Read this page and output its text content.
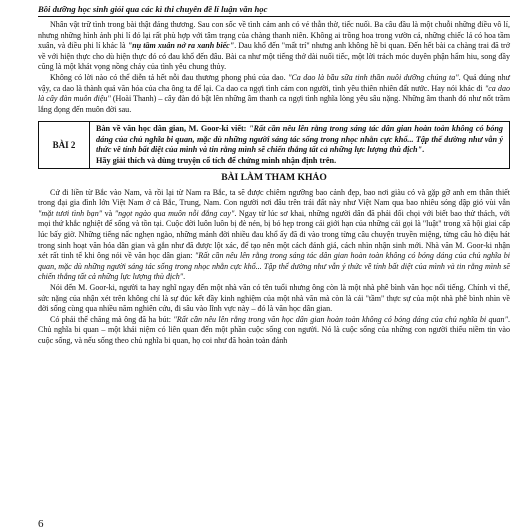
Bồi dưỡng học sinh giỏi qua các kì thi chuyên đề lí luận văn học

Nhân vật trữ tình trong bài thật đáng thương. Sau con sốc về tình cảm anh có vẻ thẫn thờ, tiếc nuối. Ba câu đầu là một chuỗi những điều vô lí, nhưng những hình ảnh phi lí đó lại rất phù hợp với tâm trạng của chàng thanh niên. Không ai trồng hoa trong vườn cả, những chiếc lá có hoa tầm xuân, và điều phi lí khác là "nụ tầm xuân nở ra xanh biếc". Dau khổ đến "mất trí" nhưng anh không hề bi quan. Đến hết bài ca chàng trai đã trở về với hiện thực cho dù hiện thực đó có đau khổ đến đâu. Bài ca như một tiếng thở dài nuối tiếc, một lời trách móc duyên phận hẩm hiu, song đầy cũng là một khát vọng nồng cháy của tình yêu chung thủy.

Không có lời nào có thể diễn tả hết nỗi đau thương phong phú của dao. "Ca dao là bầu sữa tinh thần nuôi dưỡng chúng ta". Quả đúng như vậy, ca dao là thành quả văn hóa của cha ông ta để lại. Ca dao ca ngợi tình cảm con người, tình yêu thiên nhiên đất nước. Hay nói khác đi "ca dao là cây đàn muôn điệu" (Hoài Thanh) – cây đàn đó bật lên những âm thanh ca ngợi tình nghĩa lòng yêu sâu nặng. Những âm thanh đó như nốt trầm lắng đọng đến muôn đời sau.

BÀI 2

Bàn về văn học dân gian, M. Goor-ki viết: "Rất cần nêu lên rằng trong sáng tác dân gian hoàn toàn không có bóng dáng của chủ nghĩa bi quan, mặc dù những người sáng tác sống trong nhọc nhằn cực khổ... Tập thể dường như vẫn ý thức về tính bất diệt của mình và tin rằng mình sẽ chiến thắng tất cả những lực lượng thù địch".

Hãy giải thích và dùng truyện cổ tích để chứng minh nhận định trên.

BÀI LÀM THAM KHẢO

Cứ đi liền từ Bắc vào Nam, và rồi lại từ Nam ra Bắc, ta sẽ được chiêm ngưỡng bao cảnh đẹp, bao nơi giàu có và gặp gỡ anh em thân thiết trong đại gia đình lớn Việt Nam ở cả Bắc, Trung, Nam. Con người nơi đâu trên trái đất này như Việt Nam qua bao nhiêu sóng dập gió vùi vẫn "mặt tươi tình bạn" và "ngọt ngào qua muôn nỗi đắng cay". Ngay từ lúc sơ khai, những người dân đã phải đối chọi với biết bao thử thách, với mọi thứ khắc nghiệt để sống và tồn tại. Cuộc đời luôn luôn bị đè nén, bị bó hẹp trong cái giới hạn của những cái gọi là "luật" trong xã hội giai cấp lúc bấy giờ. Những tiếng nấc nghẹn ngào, những mảnh đời nhiều đau khổ ấy đã đi vào trong từng câu chuyện truyền miệng, từng câu hò điệu hát trong sinh hoạt văn hóa dân gian và gắn như đã được lột xác, để tạo nên một cách đánh giá, cách nhìn nhận sinh mới. Nhà văn M. Goor-ki nhận xét rất tinh tế khi ông nói về văn học dân gian: "Rất cần nêu lên rằng trong sáng tác dân gian hoàn toàn không có bóng dáng của chủ nghĩa bi quan, mặc dù những người sáng tác sống trong nhọc nhằn cực khổ... Tập thể dường như vẫn ý thức về tính bất diệt của mình và tin rằng mình sẽ chiến thắng tất cả những lực lượng thù địch".

Nói đến M. Goor-ki, người ta hay nghĩ ngay đến một nhà văn có tên tuổi nhưng ông còn là một nhà phê bình văn học nổi tiếng. Chính vì thế, sức nặng của nhận xét trên không chỉ là sự đúc kết đầy kinh nghiệm của một nhà văn mà còn là cái "tầm" thực sự của một nhà phê bình nhìn về đời sống cùng qua nhiều năm nghiên cứu, đi sâu vào lĩnh vực này – đó là văn học dân gian.

Có phải thế chăng mà ông đã ha bút: "Rất cần nêu lên rằng trong văn học dân gian hoàn toàn không có bóng dáng của chủ nghĩa bi quan". Chủ nghĩa bi quan – một khái niệm có liên quan đến một phần cuộc sống con người. Nó là cuộc sống của những con người thiếu niềm tin vào cuộc sống, và nếu sống theo chủ nghĩa bi quan, họ coi như đã hoàn toàn đánh

6
